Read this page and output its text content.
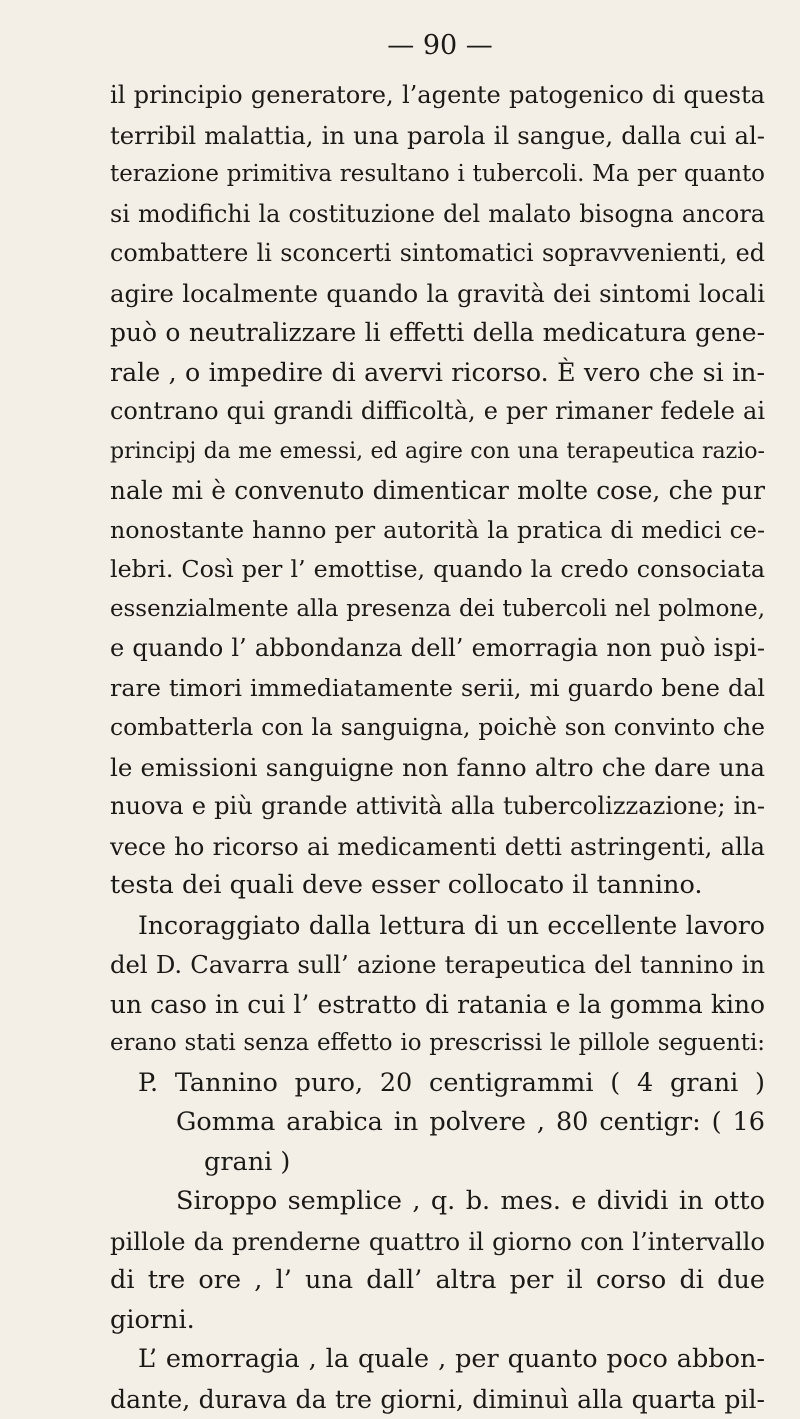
— 90 —
il principio generatore, l’agente patogenico di questa
terribil malattia, in una parola il sangue, dalla cui al-
terazione primitiva resultano i tubercoli. Ma per quanto
si modifichi la costituzione del malato bisogna ancora
combattere li sconcerti sintomatici sopravvenienti, ed
agire localmente quando la gravità dei sintomi locali
può o neutralizzare li effetti della medicatura gene-
rale , o impedire di avervi ricorso. È vero che si in-
contrano qui grandi difficoltà, e per rimaner fedele ai
principj da me emessi, ed agire con una terapeutica razio-
nale mi è convenuto dimenticar molte cose, che pur
nonostante hanno per autorità la pratica di medici ce-
lebri. Così per l’ emottise, quando la credo consociata
essenzialmente alla presenza dei tubercoli nel polmone,
e quando l’ abbondanza dell’ emorragia non può ispi-
rare timori immediatamente serii, mi guardo bene dal
combatterla con la sanguigna, poichè son convinto che
le emissioni sanguigne non fanno altro che dare una
nuova e più grande attività alla tubercolizzazione; in-
vece ho ricorso ai medicamenti detti astringenti, alla
testa dei quali deve esser collocato il tannino.
Incoraggiato dalla lettura di un eccellente lavoro
del D. Cavarra sull’ azione terapeutica del tannino in
un caso in cui l’ estratto di ratania e la gomma kino
erano stati senza effetto io prescrissi le pillole seguenti:
P. Tannino puro, 20 centigrammi ( 4 grani )
Gomma arabica in polvere , 80 centigr: ( 16
grani )
Siroppo semplice , q. b. mes. e dividi in otto
pillole da prenderne quattro il giorno con l’intervallo
di tre ore , l’ una dall’ altra per il corso di due
giorni.
L’ emorragia , la quale , per quanto poco abbon-
dante, durava da tre giorni, diminuì alla quarta pil-
